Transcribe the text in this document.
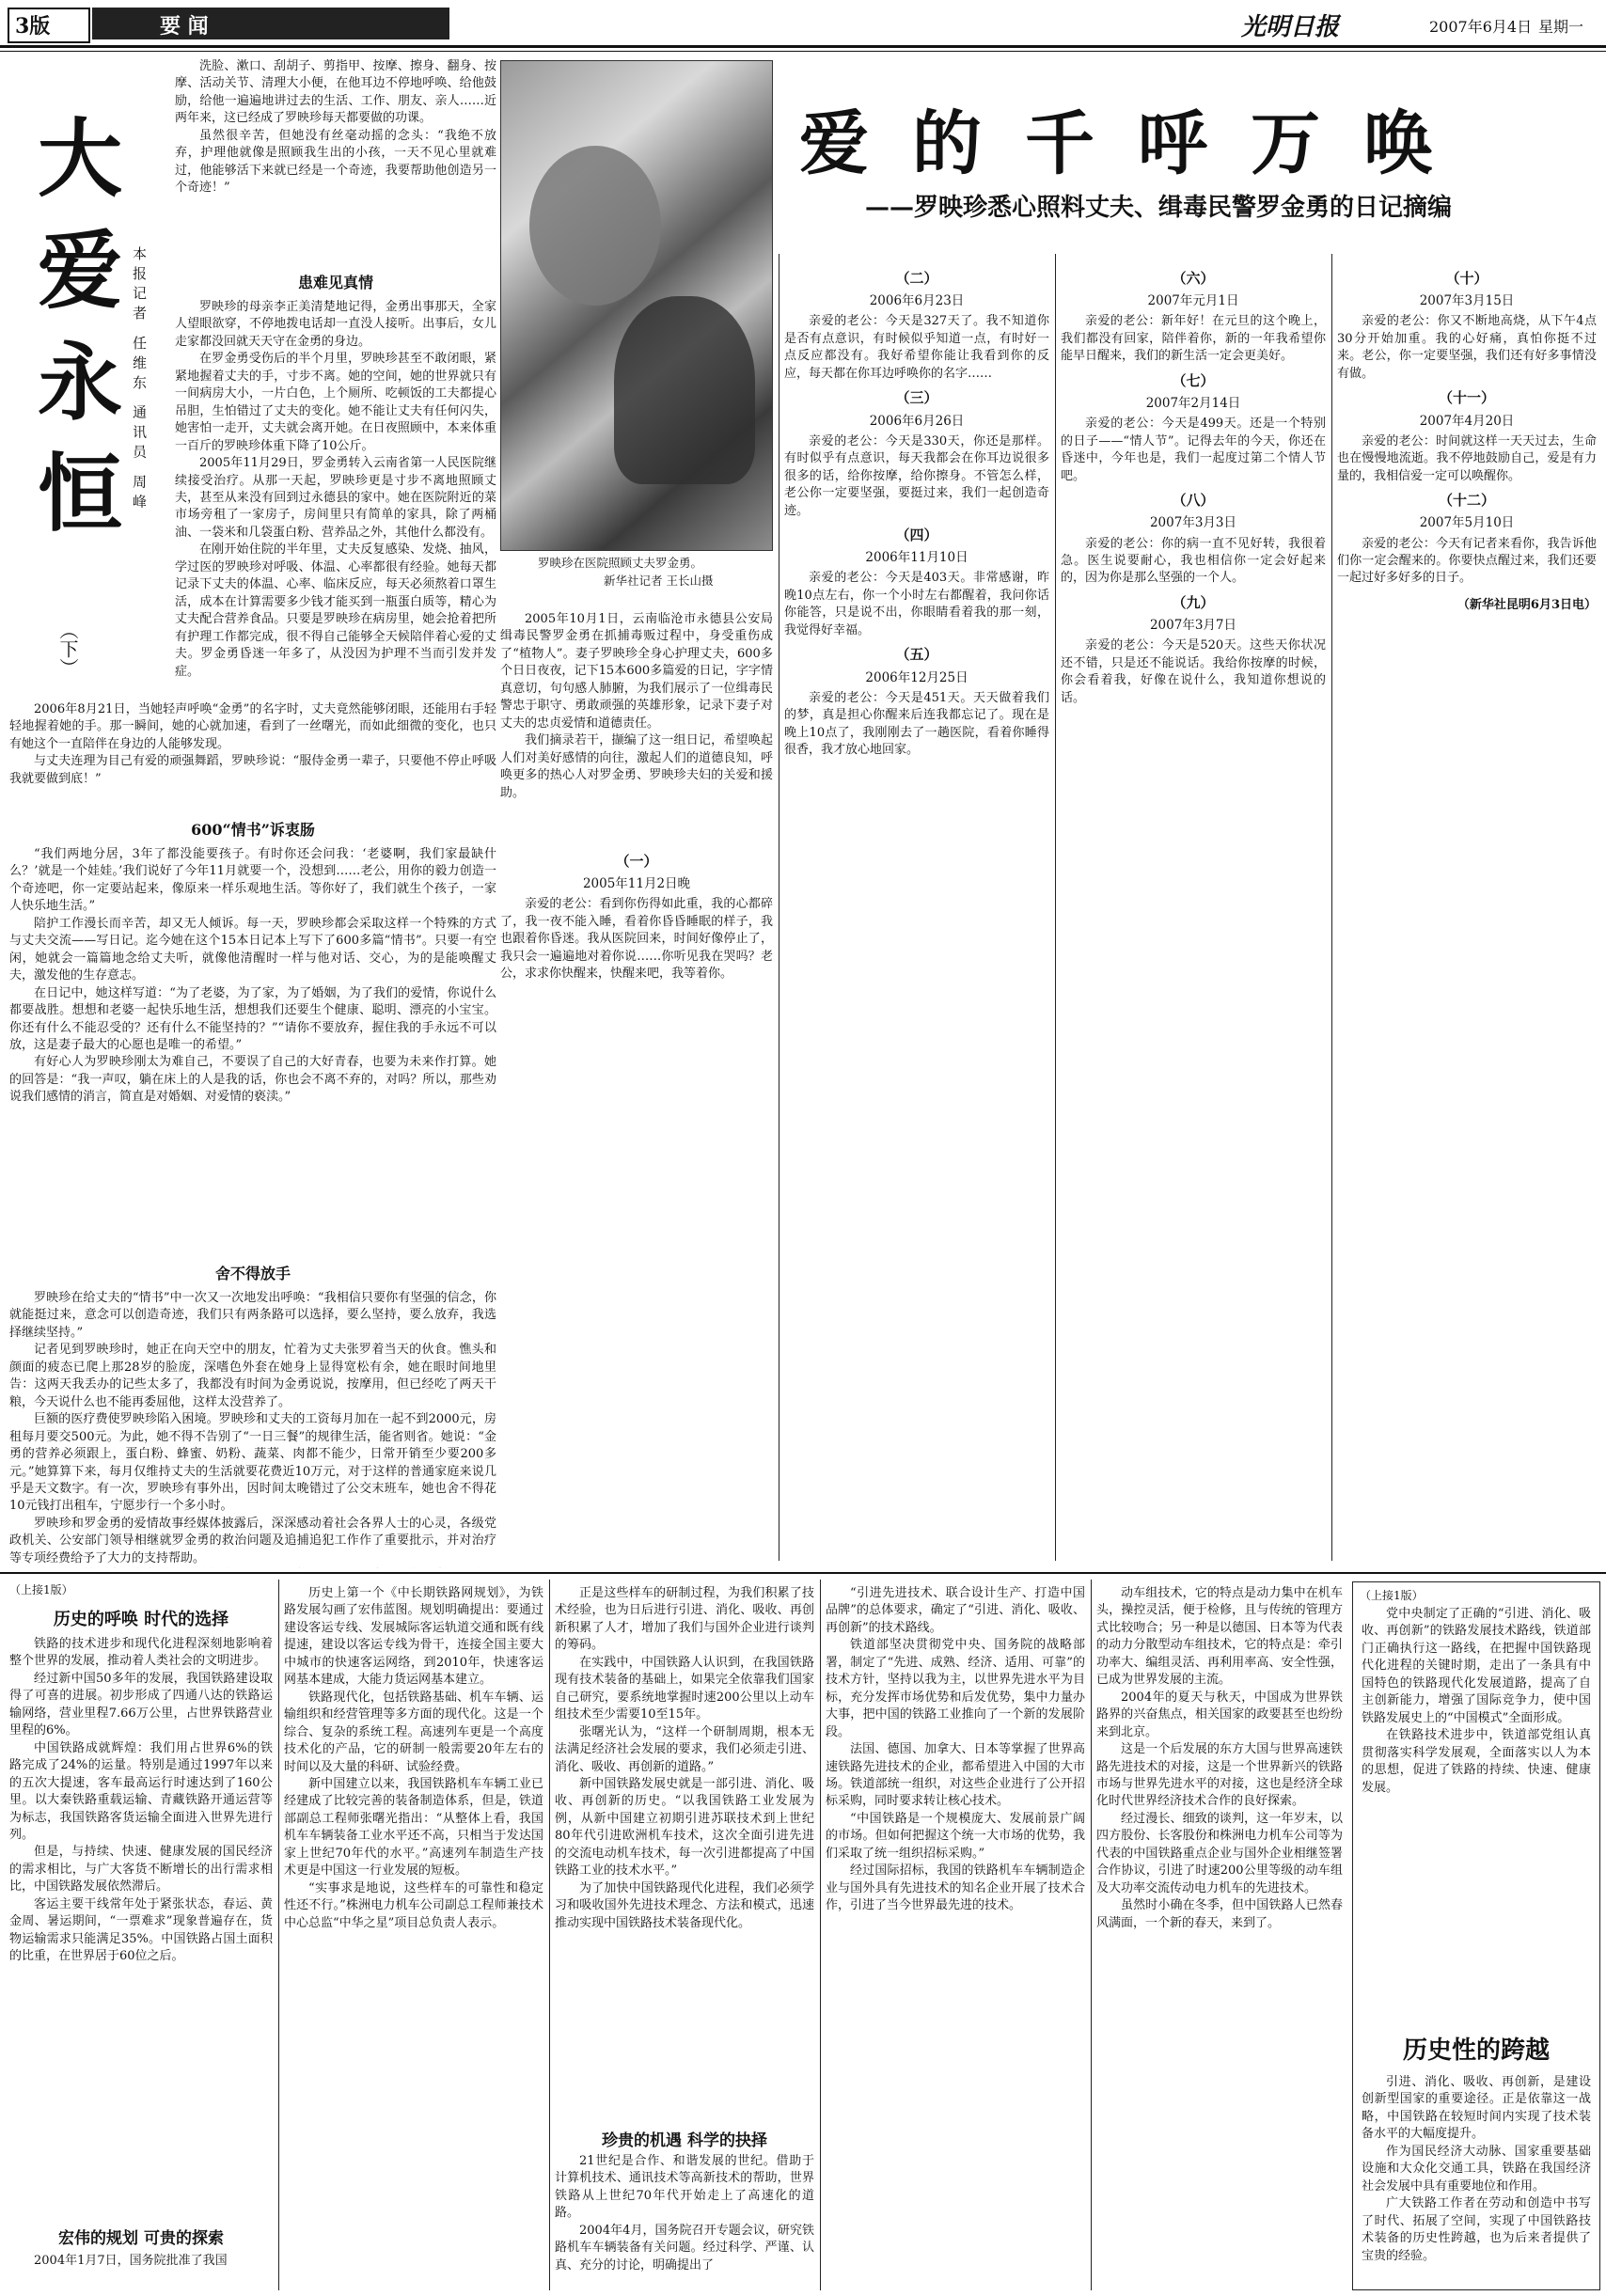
3版	要 闻	光明日报	2007年6月4日 星期一
大
爱
永
恒
（下）
本报记者 任维东 通讯员 周峰

洗脸、漱口、刮胡子、剪指甲、按摩、擦身、翻身、按摩、活动关节、清理大小便，在他耳边不停地呼唤、给他鼓励，给他一遍遍地讲过去的生活、工作、朋友、亲人……近两年来，这已经成了罗映珍每天都要做的功课。

虽然很辛苦，但她没有丝毫动摇的念头：“我绝不放弃，护理他就像是照顾我生出的小孩，一天不见心里就难过，他能够活下来就已经是一个奇迹，我要帮助他创造另一个奇迹！”

患难见真情

罗映珍的母亲李正美清楚地记得，金勇出事那天，全家人望眼欲穿，不停地拨电话却一直没人接听。出事后，女儿走家都没回就天天守在金勇的身边。

在罗金勇受伤后的半个月里，罗映珍甚至不敢闭眼，紧紧地握着丈夫的手，寸步不离。她的空间，她的世界就只有一间病房大小，一片白色，上个厕所、吃顿饭的工夫都提心吊胆，生怕错过了丈夫的变化。她不能让丈夫有任何闪失，她害怕一走开，丈夫就会离开她。在日夜照顾中，本来体重一百斤的罗映珍体重下降了10公斤。

2005年11月29日，罗金勇转入云南省第一人民医院继续接受治疗。从那一天起，罗映珍更是寸步不离地照顾丈夫，甚至从来没有回到过永德县的家中。她在医院附近的菜市场旁租了一家房子，房间里只有简单的家具，除了两桶油、一袋米和几袋蛋白粉、营养品之外，其他什么都没有。

在刚开始住院的半年里，丈夫反复感染、发烧、抽风，学过医的罗映珍对呼吸、体温、心率都很有经验。她每天都记录下丈夫的体温、心率、临床反应，每天必须熬着口罩生活，成本在计算需要多少钱才能买到一瓶蛋白质等，精心为丈夫配合营养食品。只要是罗映珍在病房里，她会抢着把所有护理工作都完成，很不得自己能够全天候陪伴着心爱的丈夫。罗金勇昏迷一年多了，从没因为护理不当而引发并发症。

2006年8月21日，当她轻声呼唤“金勇”的名字时，丈夫竟然能够闭眼，还能用右手轻轻地握着她的手。那一瞬间，她的心就加速，看到了一丝曙光，而如此细微的变化，也只有她这个一直陪伴在身边的人能够发现。

与丈夫连理为目己有爱的顽强舞蹈，罗映珍说：“服侍金勇一辈子，只要他不停止呼吸我就要做到底！”

600“情书”诉衷肠

“我们两地分居，3年了都没能要孩子。有时你还会问我：‘老婆啊，我们家最缺什么？’就是一个娃娃。’我们说好了今年11月就要一个，没想到……老公，用你的毅力创造一个奇迹吧，你一定要站起来，像原来一样乐观地生活。等你好了，我们就生个孩子，一家人快乐地生活。”

陪护工作漫长而辛苦，却又无人倾诉。每一天，罗映珍都会采取这样一个特殊的方式与丈夫交流——写日记。迄今她在这个15本日记本上写下了600多篇“情书”。只要一有空闲，她就会一篇篇地念给丈夫听，就像他清醒时一样与他对话、交心，为的是能唤醒丈夫，激发他的生存意志。

在日记中，她这样写道：“为了老婆，为了家，为了婚姻，为了我们的爱情，你说什么都要战胜。想想和老婆一起快乐地生活，想想我们还要生个健康、聪明、漂亮的小宝宝。你还有什么不能忍受的？还有什么不能坚持的？”“请你不要放弃，握住我的手永远不可以放，这是妻子最大的心愿也是唯一的希望。”

有好心人为罗映珍刚太为难自己，不要误了自己的大好青春，也要为未来作打算。她的回答是：“我一声叹，躺在床上的人是我的话，你也会不离不弃的，对吗？所以，那些劝说我们感情的消言，简直是对婚姻、对爱情的亵渎。”

舍不得放手

罗映珍在给丈夫的“情书”中一次又一次地发出呼唤：“我相信只要你有坚强的信念，你就能挺过来，意念可以创造奇迹，我们只有两条路可以选择，要么坚持，要么放弃，我选择继续坚持。”

记者见到罗映珍时，她正在向天空中的朋友，忙着为丈夫张罗着当天的伙食。憔头和颜面的疲态已爬上那28岁的脸庞，深嗜色外套在她身上显得宽松有余，她在眼时间地里告：这两天我丢办的记些太多了，我都没有时间为金勇说说，按摩用，但已经吃了两天干粮，今天说什么也不能再委屈他，这样太没营养了。

巨额的医疗费使罗映珍陷入困境。罗映珍和丈夫的工资每月加在一起不到2000元，房租每月要交500元。为此，她不得不告别了“一日三餐”的规律生活，能省则省。她说：“金勇的营养必须跟上，蛋白粉、蜂蜜、奶粉、蔬菜、肉都不能少，日常开销至少要200多元。”她算算下来，每月仅维持丈夫的生活就要花费近10万元，对于这样的普通家庭来说几乎是天文数字。有一次，罗映珍有事外出，因时间太晚错过了公交末班车，她也舍不得花10元钱打出租车，宁愿步行一个多小时。

罗映珍和罗金勇的爱情故事经媒体披露后，深深感动着社会各界人士的心灵，各级党政机关、公安部门领导相继就罗金勇的救治问题及追捕追犯工作作了重要批示，并对治疗等专项经费给予了大力的支持帮助。

罗映珍在医院照顾丈夫罗金勇。
新华社记者 王长山摄
爱的千呼万唤
——罗映珍悉心照料丈夫、缉毒民警罗金勇的日记摘编

2005年10月1日，云南临沧市永德县公安局缉毒民警罗金勇在抓捕毒贩过程中，身受重伤成了“植物人”。妻子罗映珍全身心护理丈夫，600多个日日夜夜，记下15本600多篇爱的日记，字字情真意切，句句感人肺腑，为我们展示了一位缉毒民警忠于职守、勇敢顽强的英雄形象，记录下妻子对丈夫的忠贞爱情和道德责任。

我们摘录若干，撷编了这一组日记，希望唤起人们对美好感情的向往，激起人们的道德良知，呼唤更多的热心人对罗金勇、罗映珍夫妇的关爱和援助。

（一）
2005年11月2日晚

亲爱的老公：看到你伤得如此重，我的心都碎了，我一夜不能入睡，看着你昏昏睡眠的样子，我也跟着你昏迷。我从医院回来，时间好像停止了，我只会一遍遍地对着你说……你听见我在哭吗？老公，求求你快醒来，快醒来吧，我等着你。

（二）
2006年6月23日

亲爱的老公：今天是327天了。我不知道你是否有点意识，有时候似乎知道一点，有时好一点反应都没有。我好希望你能让我看到你的反应，每天都在你耳边呼唤你的名字……

（三）
2006年6月26日

亲爱的老公：今天是330天，你还是那样。有时似乎有点意识，每天我都会在你耳边说很多很多的话，给你按摩，给你擦身。不管怎么样，老公你一定要坚强，要挺过来，我们一起创造奇迹。

（四）
2006年11月10日

亲爱的老公：今天是403天。非常感谢，昨晚10点左右，你一个小时左右都醒着，我问你话你能答，只是说不出，你眼睛看着我的那一刻，我觉得好幸福。

（五）
2006年12月25日

亲爱的老公：今天是451天。天天做着我们的梦，真是担心你醒来后连我都忘记了。现在是晚上10点了，我刚刚去了一趟医院，看着你睡得很香，我才放心地回家。

（六）
2007年元月1日

亲爱的老公：新年好！在元旦的这个晚上，我们都没有回家，陪伴着你，新的一年我希望你能早日醒来，我们的新生活一定会更美好。

（七）
2007年2月14日

亲爱的老公：今天是499天。还是一个特别的日子——“情人节”。记得去年的今天，你还在昏迷中，今年也是，我们一起度过第二个情人节吧。

（八）
2007年3月3日

亲爱的老公：你的病一直不见好转，我很着急。医生说要耐心，我也相信你一定会好起来的，因为你是那么坚强的一个人。

（九）
2007年3月7日

亲爱的老公：今天是520天。这些天你状况还不错，只是还不能说话。我给你按摩的时候，你会看着我，好像在说什么，我知道你想说的话。

（十）
2007年3月15日

亲爱的老公：你又不断地高烧，从下午4点30分开始加重。我的心好痛，真怕你挺不过来。老公，你一定要坚强，我们还有好多事情没有做。

（十一）
2007年4月20日

亲爱的老公：时间就这样一天天过去，生命也在慢慢地流逝。我不停地鼓励自己，爱是有力量的，我相信爱一定可以唤醒你。

（十二）
2007年5月10日

亲爱的老公：今天有记者来看你，我告诉他们你一定会醒来的。你要快点醒过来，我们还要一起过好多好多的日子。

（新华社昆明6月3日电）
（上接1版）
历史的呼唤 时代的选择

铁路的技术进步和现代化进程深刻地影响着整个世界的发展，推动着人类社会的文明进步。

经过新中国50多年的发展，我国铁路建设取得了可喜的进展。初步形成了四通八达的铁路运输网络，营业里程7.66万公里，占世界铁路营业里程的6%。

中国铁路成就辉煌：我们用占世界6%的铁路完成了24%的运量。特别是通过1997年以来的五次大提速，客车最高运行时速达到了160公里。以大秦铁路重载运输、青藏铁路开通运营等为标志，我国铁路客货运输全面进入世界先进行列。

但是，与持续、快速、健康发展的国民经济的需求相比，与广大客货不断增长的出行需求相比，中国铁路发展依然滞后。

客运主要干线常年处于紧张状态，春运、黄金周、暑运期间，“一票难求”现象普遍存在，货物运输需求只能满足35%。中国铁路占国土面积的比重，在世界居于60位之后。

宏伟的规划 可贵的探索

2004年1月7日，国务院批准了我国

历史上第一个《中长期铁路网规划》，为铁路发展勾画了宏伟蓝图。规划明确提出：要通过建设客运专线、发展城际客运轨道交通和既有线提速，建设以客运专线为骨干，连接全国主要大中城市的快速客运网络，到2010年，快速客运网基本建成，大能力货运网基本建立。

铁路现代化，包括铁路基础、机车车辆、运输组织和经营管理等多方面的现代化。这是一个综合、复杂的系统工程。高速列车更是一个高度技术化的产品，它的研制一般需要20年左右的时间以及大量的科研、试验经费。

新中国建立以来，我国铁路机车车辆工业已经建成了比较完善的装备制造体系，但是，铁道部副总工程师张曙光指出：“从整体上看，我国机车车辆装备工业水平还不高，只相当于发达国家上世纪70年代的水平。”高速列车制造生产技术更是中国这一行业发展的短板。

“实事求是地说，这些样车的可靠性和稳定性还不行。”株洲电力机车公司副总工程师兼技术中心总监“中华之星”项目总负责人表示。

正是这些样车的研制过程，为我们积累了技术经验，也为日后进行引进、消化、吸收、再创新积累了人才，增加了我们与国外企业进行谈判的筹码。

在实践中，中国铁路人认识到，在我国铁路现有技术装备的基础上，如果完全依靠我们国家自己研究，要系统地掌握时速200公里以上动车组技术至少需要10至15年。

张曙光认为，“这样一个研制周期，根本无法满足经济社会发展的要求，我们必须走引进、消化、吸收、再创新的道路。”

新中国铁路发展史就是一部引进、消化、吸收、再创新的历史。“以我国铁路工业发展为例，从新中国建立初期引进苏联技术到上世纪80年代引进欧洲机车技术，这次全面引进先进的交流电动机车技术，每一次引进都提高了中国铁路工业的技术水平。”

为了加快中国铁路现代化进程，我们必须学习和吸收国外先进技术理念、方法和模式，迅速推动实现中国铁路技术装备现代化。

珍贵的机遇 科学的抉择

21世纪是合作、和谐发展的世纪。借助于计算机技术、通讯技术等高新技术的帮助，世界铁路从上世纪70年代开始走上了高速化的道路。

2004年4月，国务院召开专题会议，研究铁路机车车辆装备有关问题。经过科学、严谨、认真、充分的讨论，明确提出了

“引进先进技术、联合设计生产、打造中国品牌”的总体要求，确定了“引进、消化、吸收、再创新”的技术路线。

铁道部坚决贯彻党中央、国务院的战略部署，制定了“先进、成熟、经济、适用、可靠”的技术方针，坚持以我为主，以世界先进水平为目标，充分发挥市场优势和后发优势，集中力量办大事，把中国的铁路工业推向了一个新的发展阶段。

法国、德国、加拿大、日本等掌握了世界高速铁路先进技术的企业，都希望进入中国的大市场。铁道部统一组织，对这些企业进行了公开招标采购，同时要求转让核心技术。

“中国铁路是一个规模庞大、发展前景广阔的市场。但如何把握这个统一大市场的优势，我们采取了统一组织招标采购。”

经过国际招标，我国的铁路机车车辆制造企业与国外具有先进技术的知名企业开展了技术合作，引进了当今世界最先进的技术。

动车组技术，它的特点是动力集中在机车头，操控灵活，便于检修，且与传统的管理方式比较吻合；另一种是以德国、日本等为代表的动力分散型动车组技术，它的特点是：牵引功率大、编组灵活、再利用率高、安全性强，已成为世界发展的主流。

2004年的夏天与秋天，中国成为世界铁路界的兴奋焦点，相关国家的政要甚至也纷纷来到北京。

这是一个后发展的东方大国与世界高速铁路先进技术的对接，这是一个世界新兴的铁路市场与世界先进水平的对接，这也是经济全球化时代世界经济技术合作的良好探索。

经过漫长、细致的谈判，这一年岁末，以四方股份、长客股份和株洲电力机车公司等为代表的中国铁路重点企业与国外企业相继签署合作协议，引进了时速200公里等级的动车组及大功率交流传动电力机车的先进技术。

虽然时小确在冬季，但中国铁路人已然春风满面，一个新的春天，来到了。

（上接1版）

党中央制定了正确的“引进、消化、吸收、再创新”的铁路发展技术路线，铁道部门正确执行这一路线，在把握中国铁路现代化进程的关键时期，走出了一条具有中国特色的铁路现代化发展道路，提高了自主创新能力，增强了国际竞争力，使中国铁路发展史上的“中国模式”全面形成。

在铁路技术进步中，铁道部党组认真贯彻落实科学发展观，全面落实以人为本的思想，促进了铁路的持续、快速、健康发展。

历史性的跨越

引进、消化、吸收、再创新，是建设创新型国家的重要途径。正是依靠这一战略，中国铁路在较短时间内实现了技术装备水平的大幅度提升。

作为国民经济大动脉、国家重要基础设施和大众化交通工具，铁路在我国经济社会发展中具有重要地位和作用。

广大铁路工作者在劳动和创造中书写了时代、拓展了空间，实现了中国铁路技术装备的历史性跨越，也为后来者提供了宝贵的经验。
